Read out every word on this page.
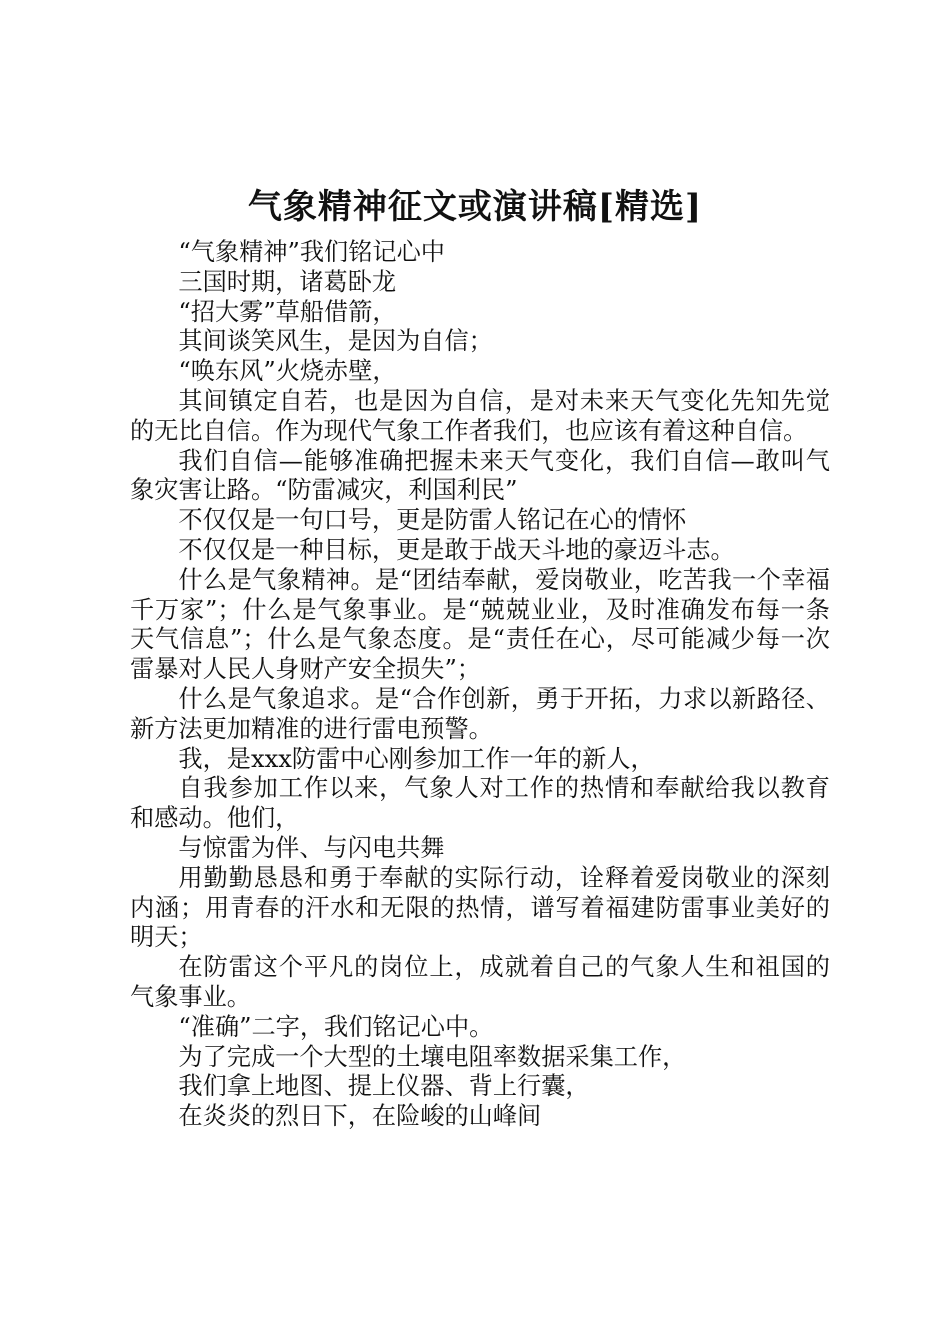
气象精神征文或演讲稿[精选]

“气象精神”我们铭记心中

三国时期，诸葛卧龙

“招大雾”草船借箭，

其间谈笑风生，是因为自信；

“唤东风”火烧赤壁，

其间镇定自若，也是因为自信，是对未来天气变化先知先觉的无比自信。作为现代气象工作者我们，也应该有着这种自信。

我们自信—能够准确把握未来天气变化，我们自信—敢叫气象灾害让路。“防雷减灾，利国利民”

不仅仅是一句口号，更是防雷人铭记在心的情怀

不仅仅是一种目标，更是敢于战天斗地的豪迈斗志。

什么是气象精神。是“团结奉献，爱岗敬业，吃苦我一个幸福千万家”；什么是气象事业。是“兢兢业业，及时准确发布每一条天气信息”；什么是气象态度。是“责任在心，尽可能减少每一次雷暴对人民人身财产安全损失”；

什么是气象追求。是“合作创新，勇于开拓，力求以新路径、新方法更加精准的进行雷电预警。

我，是xxx防雷中心刚参加工作一年的新人，

自我参加工作以来，气象人对工作的热情和奉献给我以教育和感动。他们，

与惊雷为伴、与闪电共舞

用勤勤恳恳和勇于奉献的实际行动，诠释着爱岗敬业的深刻内涵；用青春的汗水和无限的热情，谱写着福建防雷事业美好的明天；

在防雷这个平凡的岗位上，成就着自己的气象人生和祖国的气象事业。

“准确”二字，我们铭记心中。

为了完成一个大型的土壤电阻率数据采集工作，

我们拿上地图、提上仪器、背上行囊，

在炎炎的烈日下，在险峻的山峰间
